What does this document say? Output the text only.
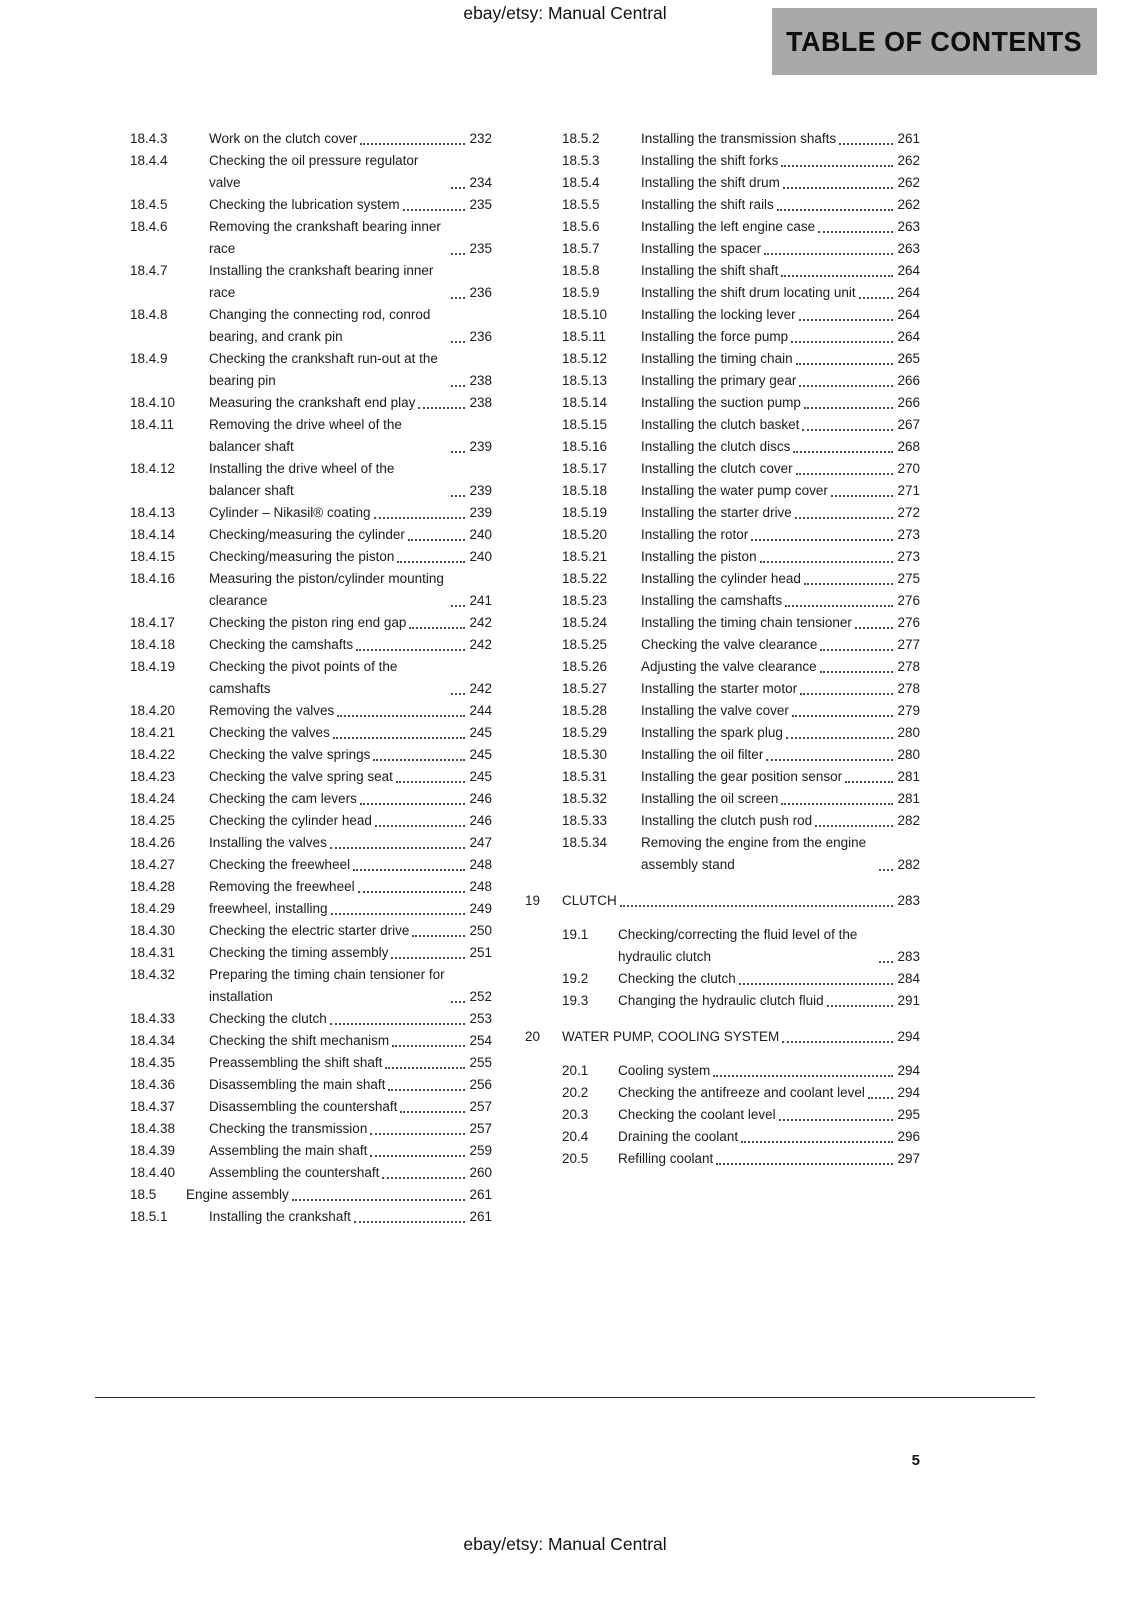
ebay/etsy: Manual Central
TABLE OF CONTENTS
18.4.3	Work on the clutch cover	232
18.4.4	Checking the oil pressure regulator valve	234
18.4.5	Checking the lubrication system	235
18.4.6	Removing the crankshaft bearing inner race	235
18.4.7	Installing the crankshaft bearing inner race	236
18.4.8	Changing the connecting rod, conrod bearing, and crank pin	236
18.4.9	Checking the crankshaft run-out at the bearing pin	238
18.4.10	Measuring the crankshaft end play	238
18.4.11	Removing the drive wheel of the balancer shaft	239
18.4.12	Installing the drive wheel of the balancer shaft	239
18.4.13	Cylinder – Nikasil® coating	239
18.4.14	Checking/measuring the cylinder	240
18.4.15	Checking/measuring the piston	240
18.4.16	Measuring the piston/cylinder mounting clearance	241
18.4.17	Checking the piston ring end gap	242
18.4.18	Checking the camshafts	242
18.4.19	Checking the pivot points of the camshafts	242
18.4.20	Removing the valves	244
18.4.21	Checking the valves	245
18.4.22	Checking the valve springs	245
18.4.23	Checking the valve spring seat	245
18.4.24	Checking the cam levers	246
18.4.25	Checking the cylinder head	246
18.4.26	Installing the valves	247
18.4.27	Checking the freewheel	248
18.4.28	Removing the freewheel	248
18.4.29	freewheel, installing	249
18.4.30	Checking the electric starter drive	250
18.4.31	Checking the timing assembly	251
18.4.32	Preparing the timing chain tensioner for installation	252
18.4.33	Checking the clutch	253
18.4.34	Checking the shift mechanism	254
18.4.35	Preassembling the shift shaft	255
18.4.36	Disassembling the main shaft	256
18.4.37	Disassembling the countershaft	257
18.4.38	Checking the transmission	257
18.4.39	Assembling the main shaft	259
18.4.40	Assembling the countershaft	260
18.5	Engine assembly	261
18.5.1	Installing the crankshaft	261
18.5.2	Installing the transmission shafts	261
18.5.3	Installing the shift forks	262
18.5.4	Installing the shift drum	262
18.5.5	Installing the shift rails	262
18.5.6	Installing the left engine case	263
18.5.7	Installing the spacer	263
18.5.8	Installing the shift shaft	264
18.5.9	Installing the shift drum locating unit	264
18.5.10	Installing the locking lever	264
18.5.11	Installing the force pump	264
18.5.12	Installing the timing chain	265
18.5.13	Installing the primary gear	266
18.5.14	Installing the suction pump	266
18.5.15	Installing the clutch basket	267
18.5.16	Installing the clutch discs	268
18.5.17	Installing the clutch cover	270
18.5.18	Installing the water pump cover	271
18.5.19	Installing the starter drive	272
18.5.20	Installing the rotor	273
18.5.21	Installing the piston	273
18.5.22	Installing the cylinder head	275
18.5.23	Installing the camshafts	276
18.5.24	Installing the timing chain tensioner	276
18.5.25	Checking the valve clearance	277
18.5.26	Adjusting the valve clearance	278
18.5.27	Installing the starter motor	278
18.5.28	Installing the valve cover	279
18.5.29	Installing the spark plug	280
18.5.30	Installing the oil filter	280
18.5.31	Installing the gear position sensor	281
18.5.32	Installing the oil screen	281
18.5.33	Installing the clutch push rod	282
18.5.34	Removing the engine from the engine assembly stand	282
19	CLUTCH	283
19.1	Checking/correcting the fluid level of the hydraulic clutch	283
19.2	Checking the clutch	284
19.3	Changing the hydraulic clutch fluid	291
20	WATER PUMP, COOLING SYSTEM	294
20.1	Cooling system	294
20.2	Checking the antifreeze and coolant level 294
20.3	Checking the coolant level	295
20.4	Draining the coolant	296
20.5	Refilling coolant	297
5
ebay/etsy: Manual Central
